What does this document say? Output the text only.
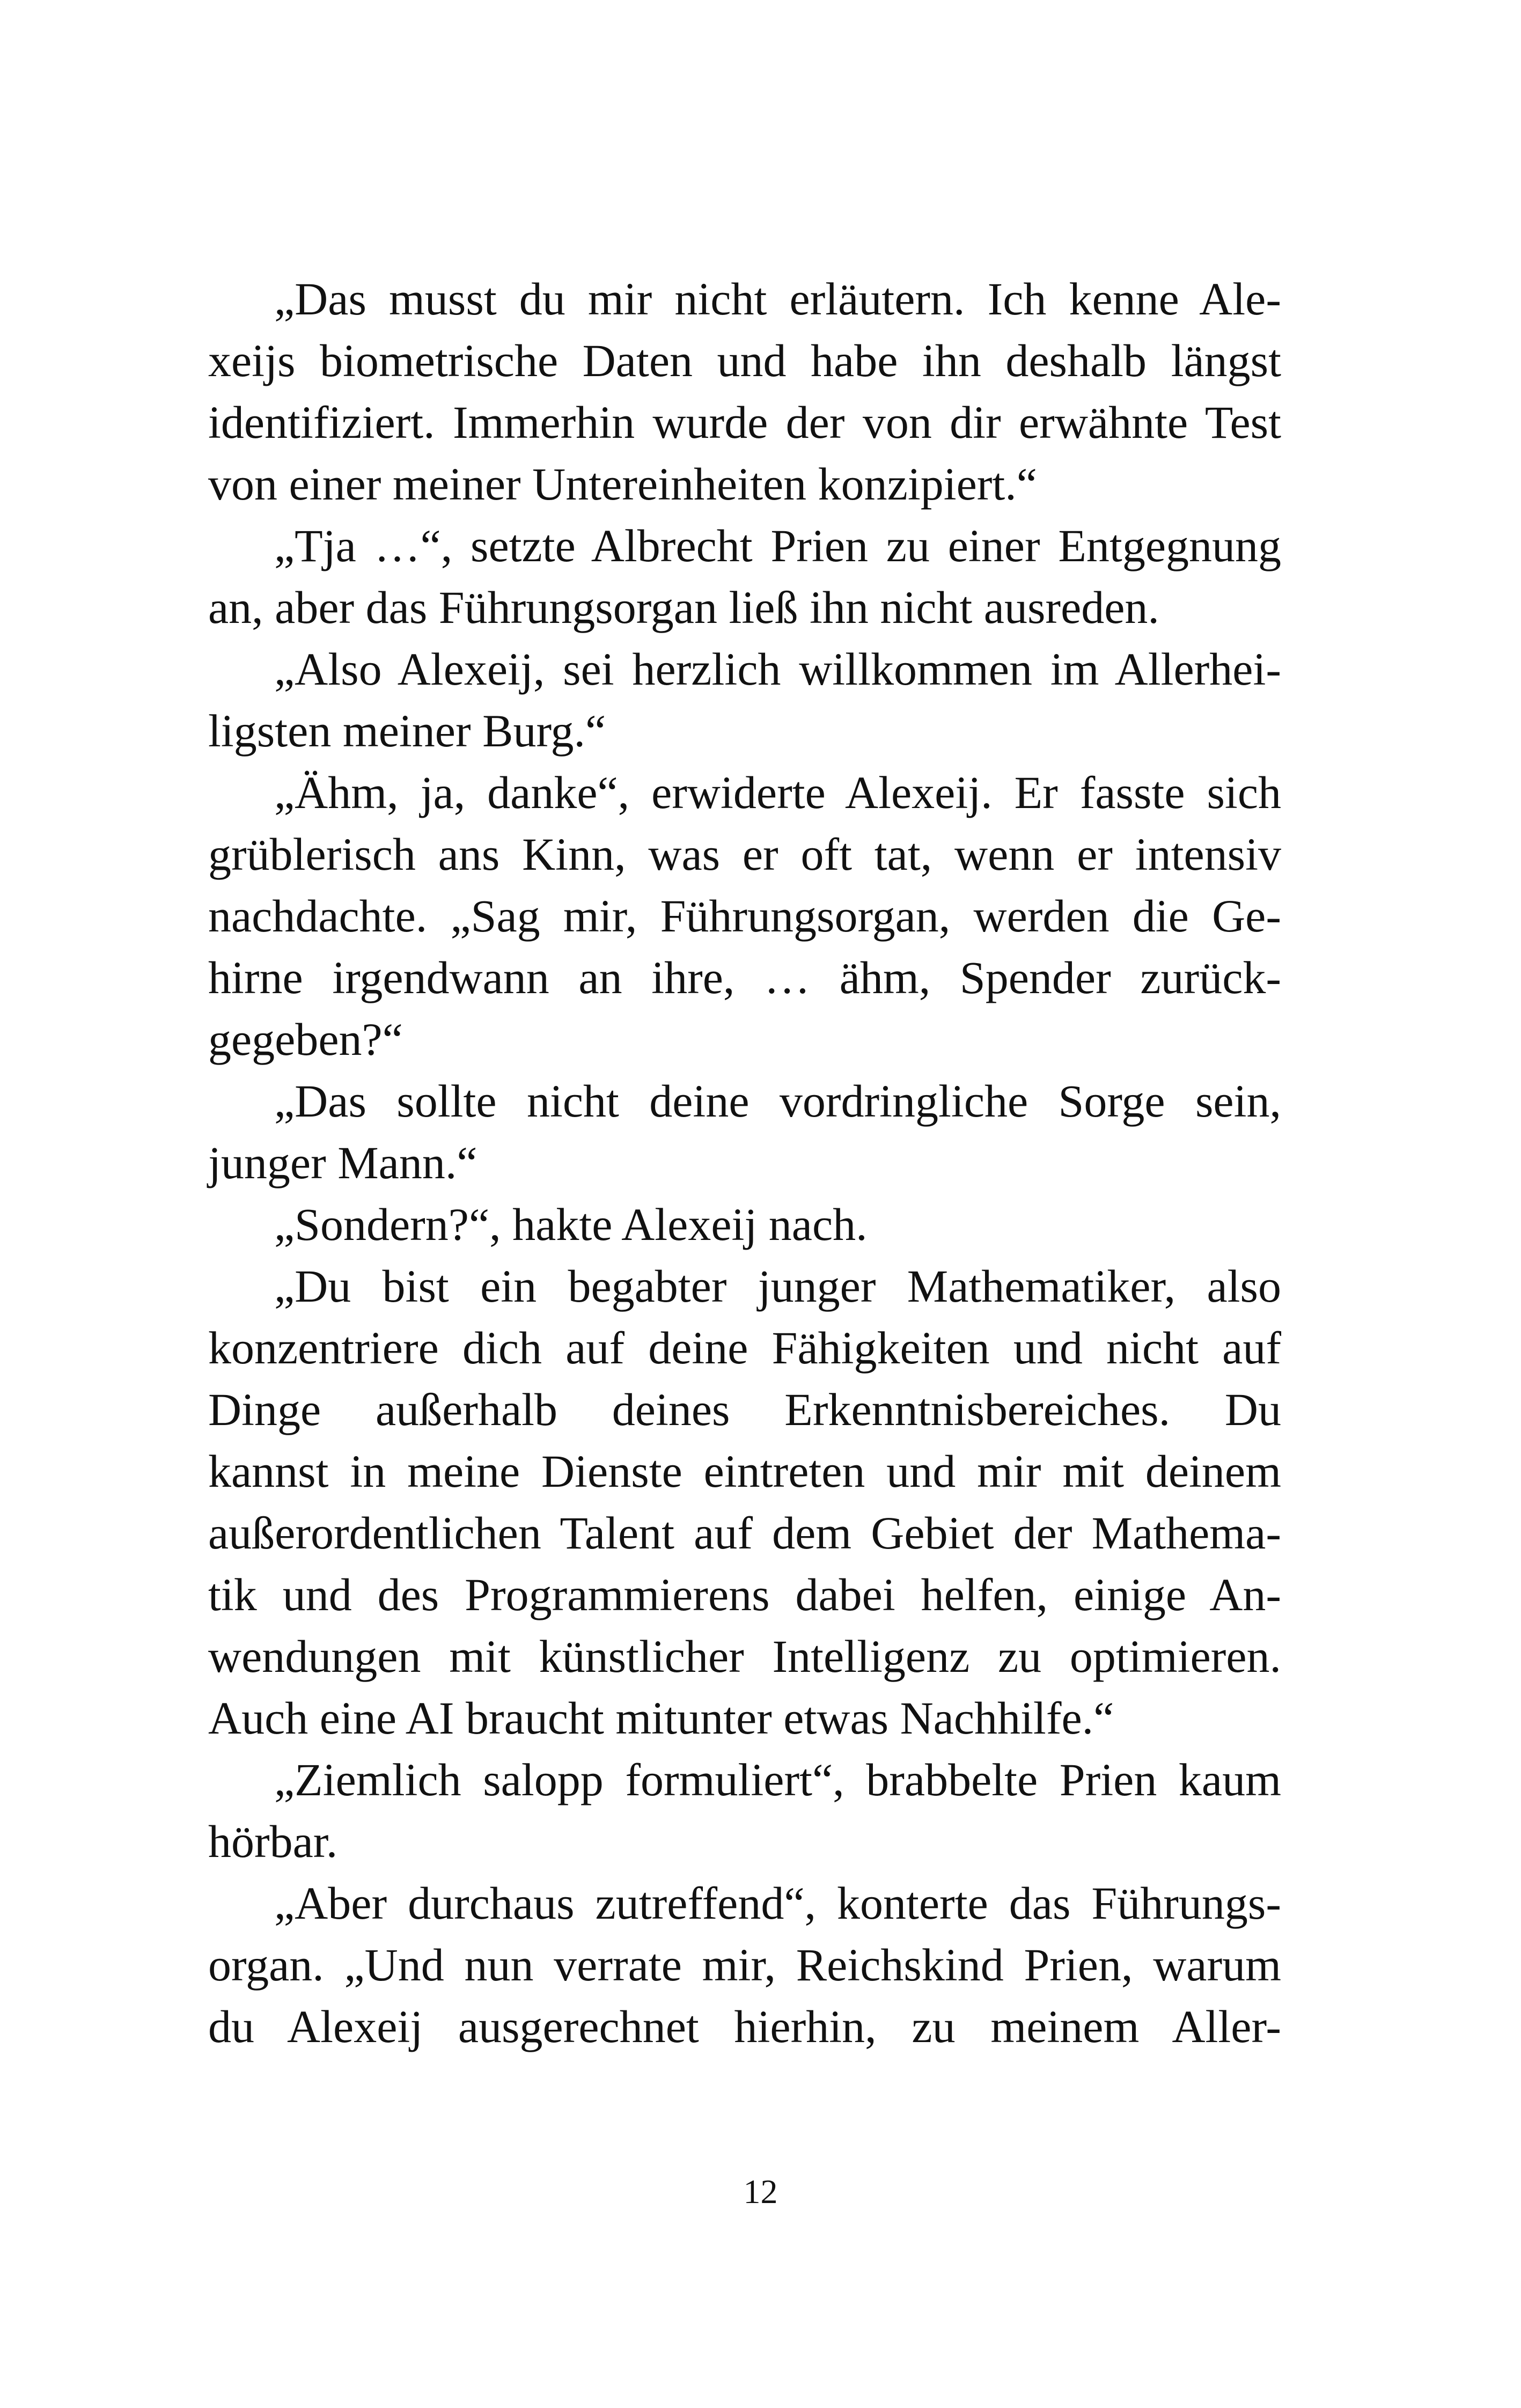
„Das musst du mir nicht erläutern. Ich kenne Ale-
xeijs biometrische Daten und habe ihn deshalb längst
identifiziert. Immerhin wurde der von dir erwähnte Test
von einer meiner Untereinheiten konzipiert.“
„Tja …“, setzte Albrecht Prien zu einer Entgegnung
an, aber das Führungsorgan ließ ihn nicht ausreden.
„Also Alexeij, sei herzlich willkommen im Allerhei-
ligsten meiner Burg.“
„Ähm, ja, danke“, erwiderte Alexeij. Er fasste sich
grüblerisch ans Kinn, was er oft tat, wenn er intensiv
nachdachte. „Sag mir, Führungsorgan, werden die Ge-
hirne irgendwann an ihre, … ähm, Spender zurück-
gegeben?“
„Das sollte nicht deine vordringliche Sorge sein,
junger Mann.“
„Sondern?“, hakte Alexeij nach.
„Du bist ein begabter junger Mathematiker, also
konzentriere dich auf deine Fähigkeiten und nicht auf
Dinge außerhalb deines Erkenntnisbereiches. Du
kannst in meine Dienste eintreten und mir mit deinem
außerordentlichen Talent auf dem Gebiet der Mathema-
tik und des Programmierens dabei helfen, einige An-
wendungen mit künstlicher Intelligenz zu optimieren.
Auch eine AI braucht mitunter etwas Nachhilfe.“
„Ziemlich salopp formuliert“, brabbelte Prien kaum
hörbar.
„Aber durchaus zutreffend“, konterte das Führungs-
organ. „Und nun verrate mir, Reichskind Prien, warum
du Alexeij ausgerechnet hierhin, zu meinem Aller-
12
